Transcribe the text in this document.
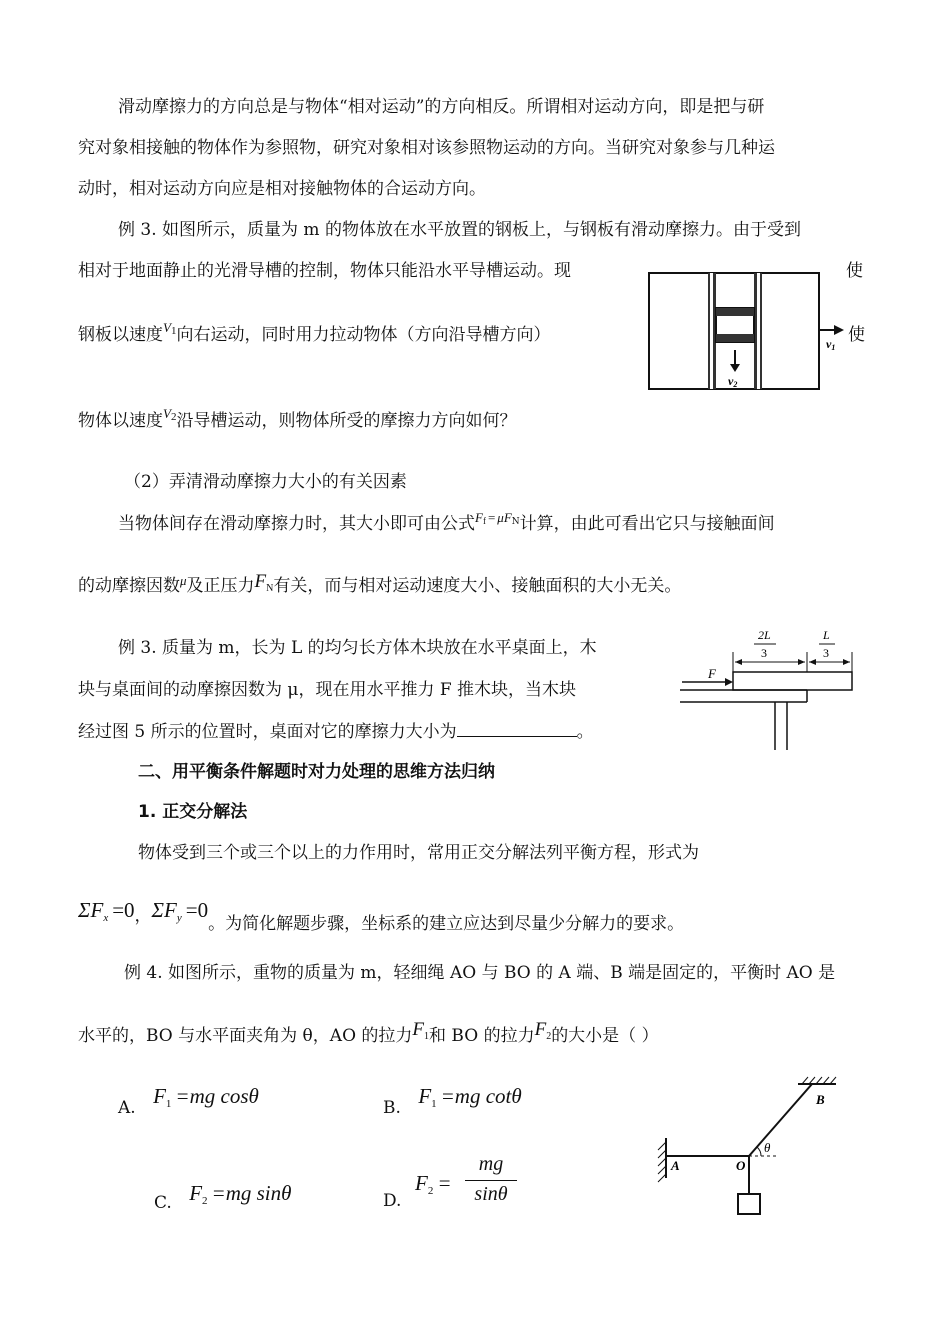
滑动摩擦力的方向总是与物体“相对运动”的方向相反。所谓相对运动方向，即是把与研
究对象相接触的物体作为参照物，研究对象相对该参照物运动的方向。当研究对象参与几种运
动时，相对运动方向应是相对接触物体的合运动方向。
例 3. 如图所示，质量为 m 的物体放在水平放置的钢板上，与钢板有滑动摩擦力。由于受到
相对于地面静止的光滑导槽的控制，物体只能沿水平导槽运动。现	使
钢板以速度$^{V1}$向右运动，同时用力拉动物体（方向沿导槽方向）	使
物体以速度$^{V2}$沿导槽运动，则物体所受的摩擦力方向如何？
v2
v1
（2）弄清滑动摩擦力大小的有关因素
当物体间存在滑动摩擦力时，其大小即可由公式$^{Ff = \mu FN}$计算，由此可看出它只与接触面间
的动摩擦因数$^\mu$及正压力$F_N$有关，而与相对运动速度大小、接触面积的大小无关。
例 3. 质量为 m，长为 L 的均匀长方体木块放在水平桌面上，木
块与桌面间的动摩擦因数为 μ，现在用水平推力 F 推木块，当木块
经过图 5 所示的位置时，桌面对它的摩擦力大小为	。
2L
3
L
3
F
二、用平衡条件解题时对力处理的思维方法归纳
1. 正交分解法
物体受到三个或三个以上的力作用时，常用正交分解法列平衡方程，形式为
ΣFx =0，ΣFy =0。为简化解题步骤，坐标系的建立应达到尽量少分解力的要求。
例 4. 如图所示，重物的质量为 m，轻细绳 AO 与 BO 的 A 端、B 端是固定的，平衡时 AO 是
水平的，BO 与水平面夹角为 θ，AO 的拉力$F_1$和 BO 的拉力$F_2$的大小是（ ）
A. F1 =mg cosθ	B. F1 =mg cotθ
C. F2 =mg sinθ	D.
F2 =
mg
sinθ
A	O
B
θ
